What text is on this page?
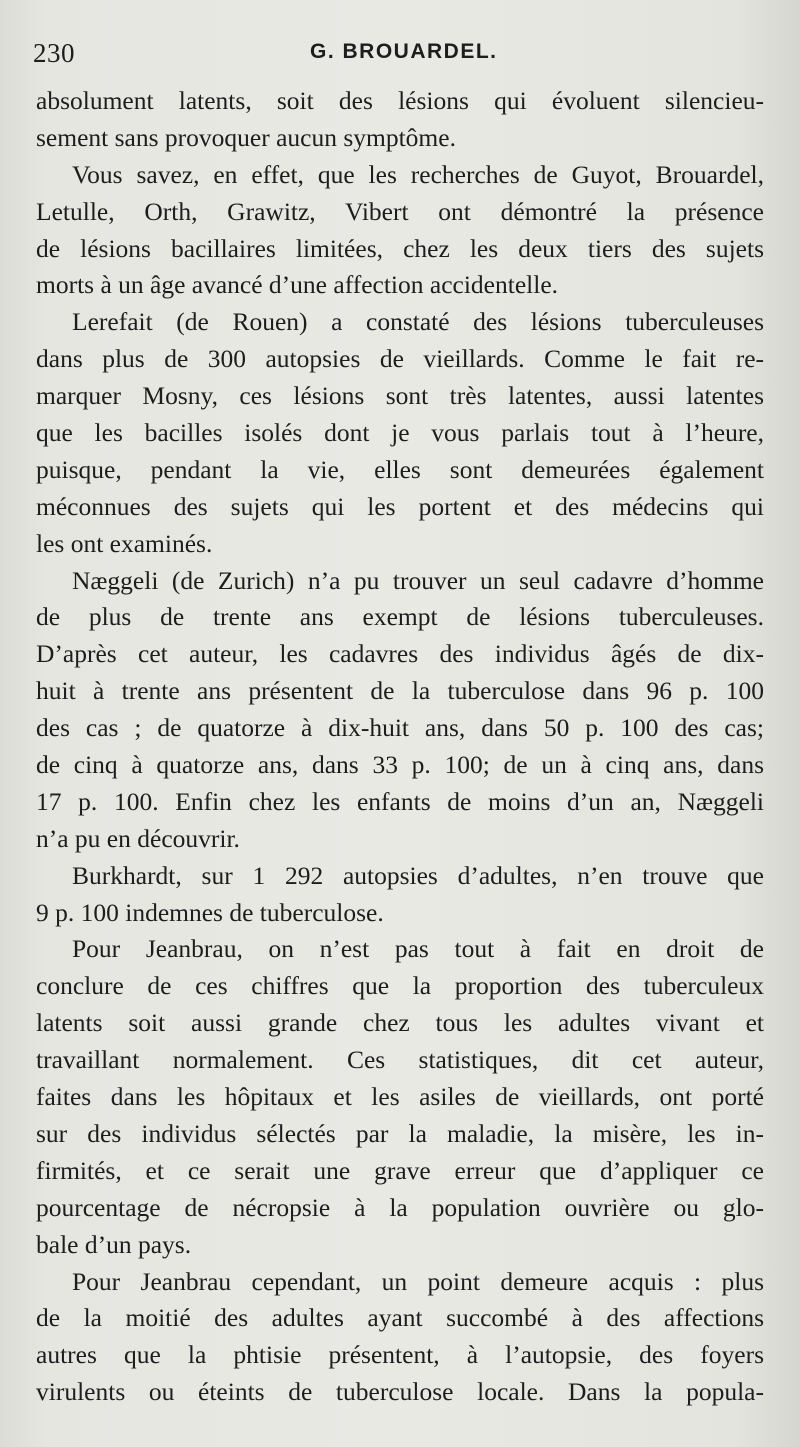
230	G. BROUARDEL.
absolument latents, soit des lésions qui évoluent silencieu-
sement sans provoquer aucun symptôme.
Vous savez, en effet, que les recherches de Guyot, Brouardel,
Letulle, Orth, Grawitz, Vibert ont démontré la présence
de lésions bacillaires limitées, chez les deux tiers des sujets
morts à un âge avancé d’une affection accidentelle.
Lerefait (de Rouen) a constaté des lésions tuberculeuses
dans plus de 300 autopsies de vieillards. Comme le fait re-
marquer Mosny, ces lésions sont très latentes, aussi latentes
que les bacilles isolés dont je vous parlais tout à l’heure,
puisque, pendant la vie, elles sont demeurées également
méconnues des sujets qui les portent et des médecins qui
les ont examinés.
Næggeli (de Zurich) n’a pu trouver un seul cadavre d’homme
de plus de trente ans exempt de lésions tuberculeuses.
D’après cet auteur, les cadavres des individus âgés de dix-
huit à trente ans présentent de la tuberculose dans 96 p. 100
des cas ; de quatorze à dix-huit ans, dans 50 p. 100 des cas;
de cinq à quatorze ans, dans 33 p. 100; de un à cinq ans, dans
17 p. 100. Enfin chez les enfants de moins d’un an, Næggeli
n’a pu en découvrir.
Burkhardt, sur 1 292 autopsies d’adultes, n’en trouve que
9 p. 100 indemnes de tuberculose.
Pour Jeanbrau, on n’est pas tout à fait en droit de
conclure de ces chiffres que la proportion des tuberculeux
latents soit aussi grande chez tous les adultes vivant et
travaillant normalement. Ces statistiques, dit cet auteur,
faites dans les hôpitaux et les asiles de vieillards, ont porté
sur des individus sélectés par la maladie, la misère, les in-
firmités, et ce serait une grave erreur que d’appliquer ce
pourcentage de nécropsie à la population ouvrière ou glo-
bale d’un pays.
Pour Jeanbrau cependant, un point demeure acquis : plus
de la moitié des adultes ayant succombé à des affections
autres que la phtisie présentent, à l’autopsie, des foyers
virulents ou éteints de tuberculose locale. Dans la popula-
